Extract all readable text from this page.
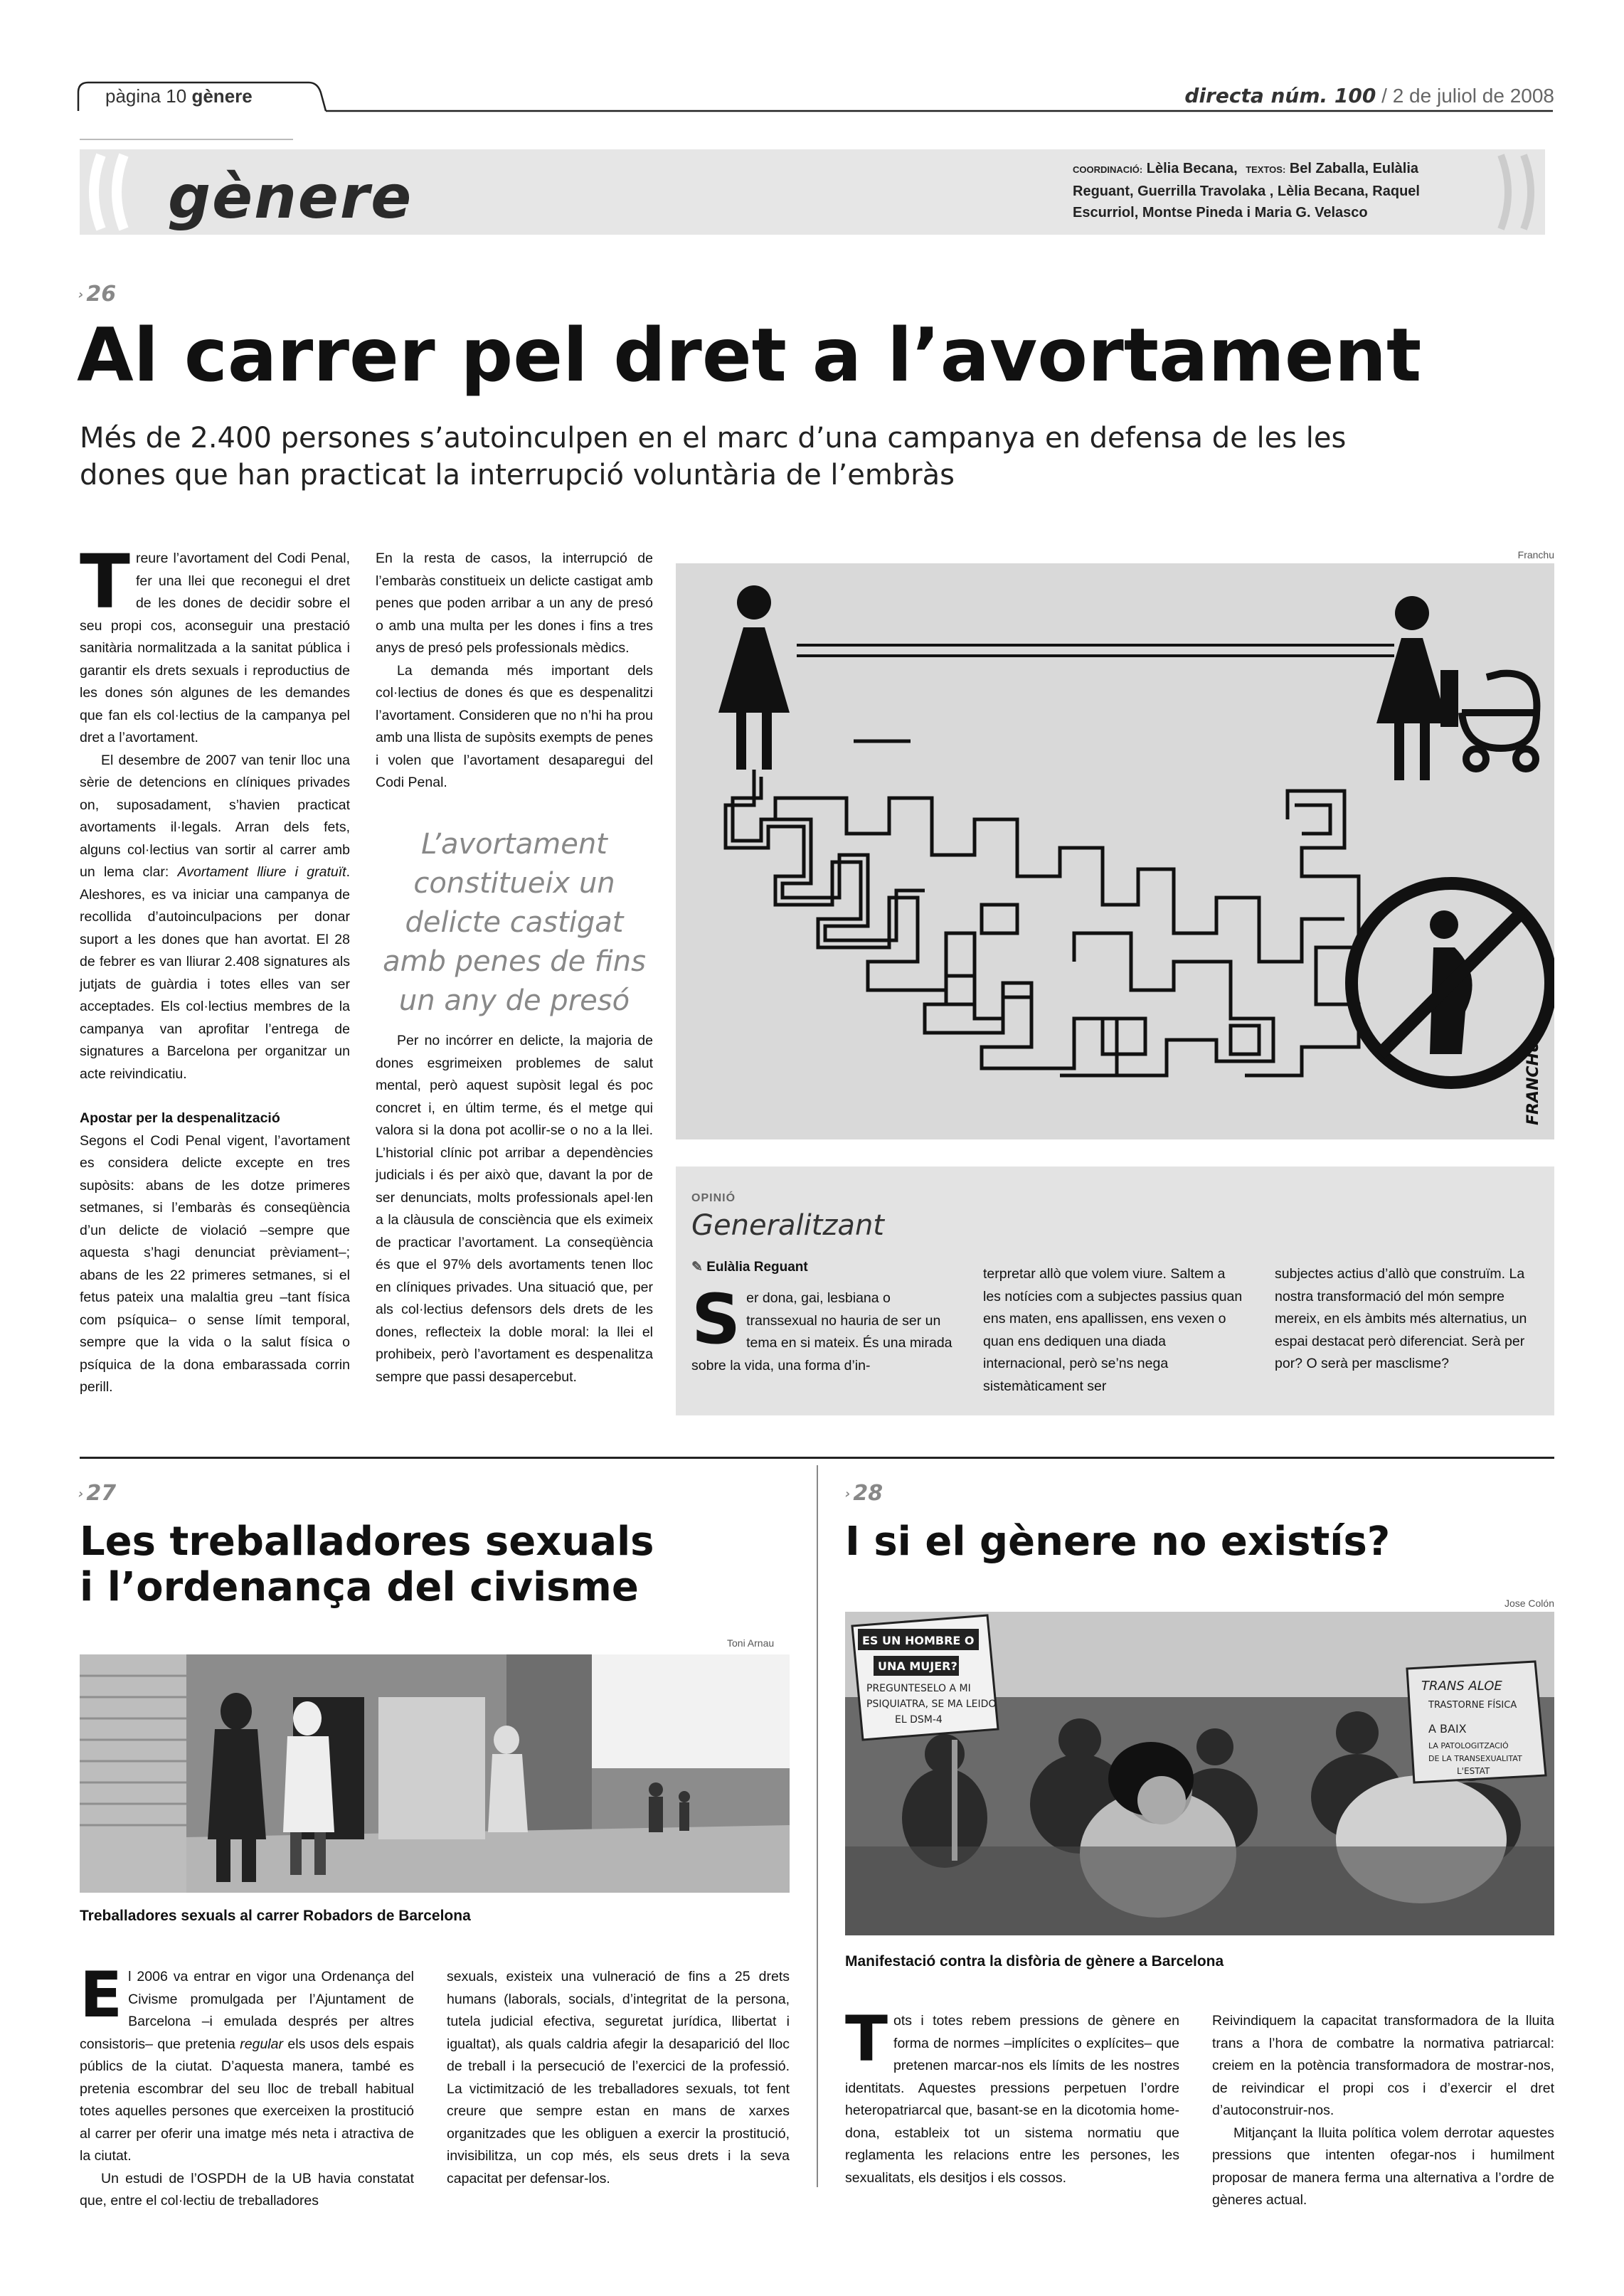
pàgina 10 gènere	directa núm. 100 / 2 de juliol de 2008
gènere	COORDINACIÓ: Lèlia Becana, TEXTOS: Bel Zaballa, Eulàlia Reguant, Guerrilla Travolaka , Lèlia Becana, Raquel Escurriol, Montse Pineda i Maria G. Velasco
› 26
Al carrer pel dret a l’avortament
Més de 2.400 persones s’autoinculpen en el marc d’una campanya en defensa de les les dones que han practicat la interrupció voluntària de l’embràs

Treure l’avortament del Codi Penal, fer una llei que reconegui el dret de les dones de decidir sobre el seu propi cos, aconseguir una prestació sanitària normalitzada a la sanitat pública i garantir els drets sexuals i reproductius de les dones són algunes de les demandes que fan els col·lectius de la campanya pel dret a l’avortament.

El desembre de 2007 van tenir lloc una sèrie de detencions en clíniques privades on, suposadament, s’havien practicat avortaments il·legals. Arran dels fets, alguns col·lectius van sortir al carrer amb un lema clar: Avortament lliure i gratuït. Aleshores, es va iniciar una campanya de recollida d’autoinculpacions per donar suport a les dones que han avortat. El 28 de febrer es van lliurar 2.408 signatures als jutjats de guàrdia i totes elles van ser acceptades. Els col·lectius membres de la campanya van aprofitar l’entrega de signatures a Barcelona per organitzar un acte reivindicatiu.

Apostar per la despenalització

Segons el Codi Penal vigent, l’avortament es considera delicte excepte en tres supòsits: abans de les dotze primeres setmanes, si l’embaràs és conseqüència d’un delicte de violació –sempre que aquesta s’hagi denunciat prèviament–; abans de les 22 primeres setmanes, si el fetus pateix una malaltia greu –tant física com psíquica– o sense límit temporal, sempre que la vida o la salut física o psíquica de la dona embarassada corrin perill.

En la resta de casos, la interrupció de l’embaràs constitueix un delicte castigat amb penes que poden arribar a un any de presó o amb una multa per les dones i fins a tres anys de presó pels professionals mèdics.

La demanda més important dels col·lectius de dones és que es despenalitzi l’avortament. Consideren que no n’hi ha prou amb una llista de supòsits exempts de penes i volen que l’avortament desaparegui del Codi Penal.

L’avortament constitueix un delicte castigat amb penes de fins un any de presó

Per no incórrer en delicte, la majoria de dones esgrimeixen problemes de salut mental, però aquest supòsit legal és poc concret i, en últim terme, és el metge qui valora si la dona pot acollir-se o no a la llei. L’historial clínic pot arribar a dependències judicials i és per això que, davant la por de ser denunciats, molts professionals apel·len a la clàusula de consciència que els eximeix de practicar l’avortament. La conseqüència és que el 97% dels avortaments tenen lloc en clíniques privades. Una situació que, per als col·lectius defensors dels drets de les dones, reflecteix la doble moral: la llei el prohibeix, però l’avortament es despenalitza sempre que passi desapercebut.

Franchu
FRANCHU
OPINIÓ
Generalitzant
✎ Eulàlia Reguant

Ser dona, gai, lesbiana o transsexual no hauria de ser un tema en si mateix. És una mirada sobre la vida, una forma d’in-

terpretar allò que volem viure. Saltem a les notícies com a subjectes passius quan ens maten, ens apallissen, ens vexen o quan ens dediquen una diada internacional, però se’ns nega sistemàticament ser

subjectes actius d’allò que construïm. La nostra transformació del món sempre mereix, en els àmbits més alternatius, un espai destacat però diferenciat. Serà per por? O serà per masclisme?

› 27
Les treballadores sexuals
i l’ordenança del civisme
Toni Arnau
Treballadores sexuals al carrer Robadors de Barcelona

El 2006 va entrar en vigor una Ordenança del Civisme promulgada per l’Ajuntament de Barcelona –i emulada després per altres consistoris– que pretenia regular els usos dels espais públics de la ciutat. D’aquesta manera, també es pretenia escombrar del seu lloc de treball habitual totes aquelles persones que exerceixen la prostitució al carrer per oferir una imatge més neta i atractiva de la ciutat.

Un estudi de l’OSPDH de la UB havia constatat que, entre el col·lectiu de treballadores

sexuals, existeix una vulneració de fins a 25 drets humans (laborals, socials, d’integritat de la persona, tutela judicial efectiva, seguretat jurídica, llibertat i igualtat), als quals caldria afegir la desaparició del lloc de treball i la persecució de l’exercici de la professió. La victimització de les treballadores sexuals, tot fent creure que sempre estan en mans de xarxes organitzades que les obliguen a exercir la prostitució, invisibilitza, un cop més, els seus drets i la seva capacitat per defensar-los.

› 28
I si el gènere no existís?
Jose Colón
ES UN HOMBRE O
UNA MUJER?
PREGUNTESELO A MI
PSIQUIATRA, SE MA LEIDO
EL DSM-4
TRANS ALOE
TRASTORNE FÍSICA
A BAIX
LA PATOLOGITZACIÓ
DE LA TRANSEXUALITAT
L'ESTAT
Manifestació contra la disfòria de gènere a Barcelona

Tots i totes rebem pressions de gènere en forma de normes –implícites o explícites– que pretenen marcar-nos els límits de les nostres identitats. Aquestes pressions perpetuen l’ordre heteropatriarcal que, basant-se en la dicotomia home-dona, estableix tot un sistema normatiu que reglamenta les relacions entre les persones, les sexualitats, els desitjos i els cossos.

Reivindiquem la capacitat transformadora de la lluita trans a l’hora de combatre la normativa patriarcal: creiem en la potència transformadora de mostrar-nos, de reivindicar el propi cos i d’exercir el dret d’autoconstruir-nos.

Mitjançant la lluita política volem derrotar aquestes pressions que intenten ofegar-nos i humilment proposar de manera ferma una alternativa a l’ordre de gèneres actual.
